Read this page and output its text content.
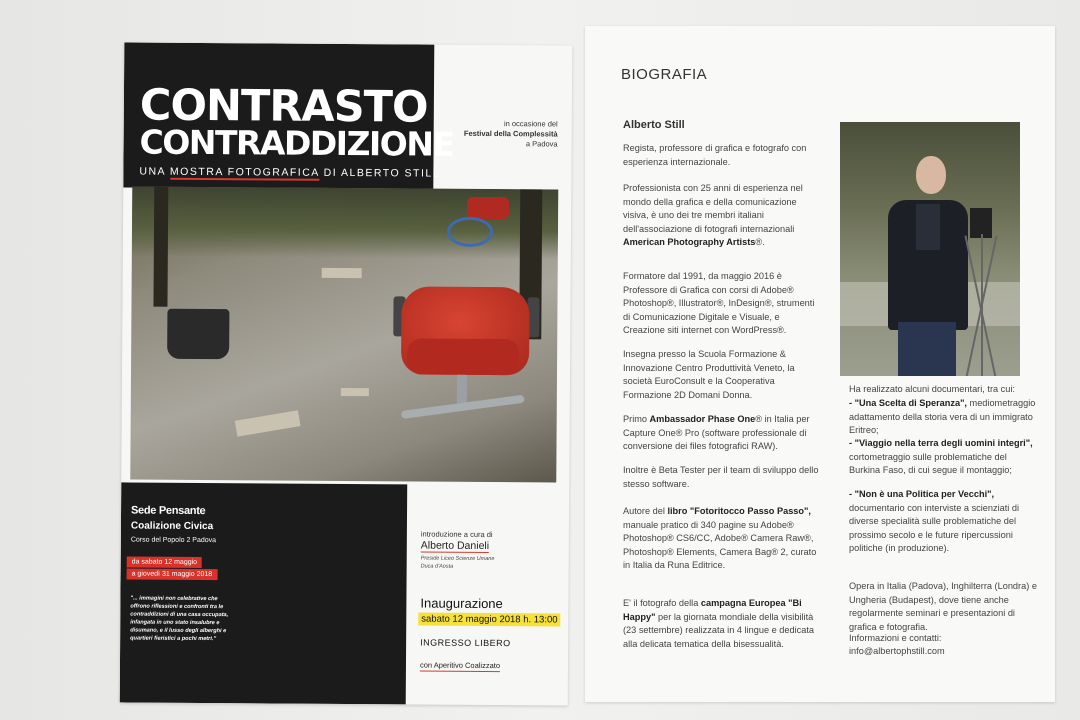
CONTRASTO
CONTRADDIZIONE
UNA MOSTRA FOTOGRAFICA DI ALBERTO STILL
in occasione del
Festival della Complessità
a Padova
Sede Pensante
Coalizione Civica
Corso del Popolo 2 Padova
da sabato 12 maggio
a giovedì 31 maggio 2018
"... immagini non celebrative che offrono riflessioni e confronti tra le contraddizioni di una casa occupata, infangata in uno stato insalubre e disumano, e il lusso degli alberghi e quartieri fieristici a pochi metri."
introduzione a cura di
Alberto Danieli
Preside Liceo Scienze Umane
Duca d'Aosta
Inaugurazione
sabato 12 maggio 2018 h. 13:00
INGRESSO LIBERO
con Aperitivo Coalizzato
BIOGRAFIA
Alberto Still
Regista, professore di grafica e fotografo con esperienza internazionale.
Professionista con 25 anni di esperienza nel mondo della grafica e della comunicazione visiva, è uno dei tre membri italiani dell'associazione di fotografi internazionali American Photography Artists®.
Formatore dal 1991, da maggio 2016 è Professore di Grafica con corsi di Adobe® Photoshop®, Illustrator®, InDesign®, strumenti di Comunicazione Digitale e Visuale, e Creazione siti internet con WordPress®.
Insegna presso la Scuola Formazione & Innovazione Centro Produttività Veneto, la società EuroConsult e la Cooperativa Formazione 2D Domani Donna.
Primo Ambassador Phase One® in Italia per Capture One® Pro (software professionale di conversione dei files fotografici RAW).
Inoltre è Beta Tester per il team di sviluppo dello stesso software.
Autore del libro "Fotoritocco Passo Passo", manuale pratico di 340 pagine su Adobe® Photoshop® CS6/CC, Adobe® Camera Raw®, Photoshop® Elements, Camera Bag® 2, curato in Italia da Runa Editrice.
E' il fotografo della campagna Europea "Bi Happy" per la giornata mondiale della visibilità (23 settembre) realizzata in 4 lingue e dedicata alla delicata tematica della bisessualità.
Ha realizzato alcuni documentari, tra cui:
- "Una Scelta di Speranza", mediometraggio adattamento della storia vera di un immigrato Eritreo;
- "Viaggio nella terra degli uomini integri", cortometraggio sulle problematiche del Burkina Faso, di cui segue il montaggio;
- "Non è una Politica per Vecchi", documentario con interviste a scienziati di diverse specialità sulle problematiche del prossimo secolo e le future ripercussioni politiche (in produzione).
Opera in Italia (Padova), Inghilterra (Londra) e Ungheria (Budapest), dove tiene anche regolarmente seminari e presentazioni di grafica e fotografia.
Informazioni e contatti:
info@albertophstill.com
